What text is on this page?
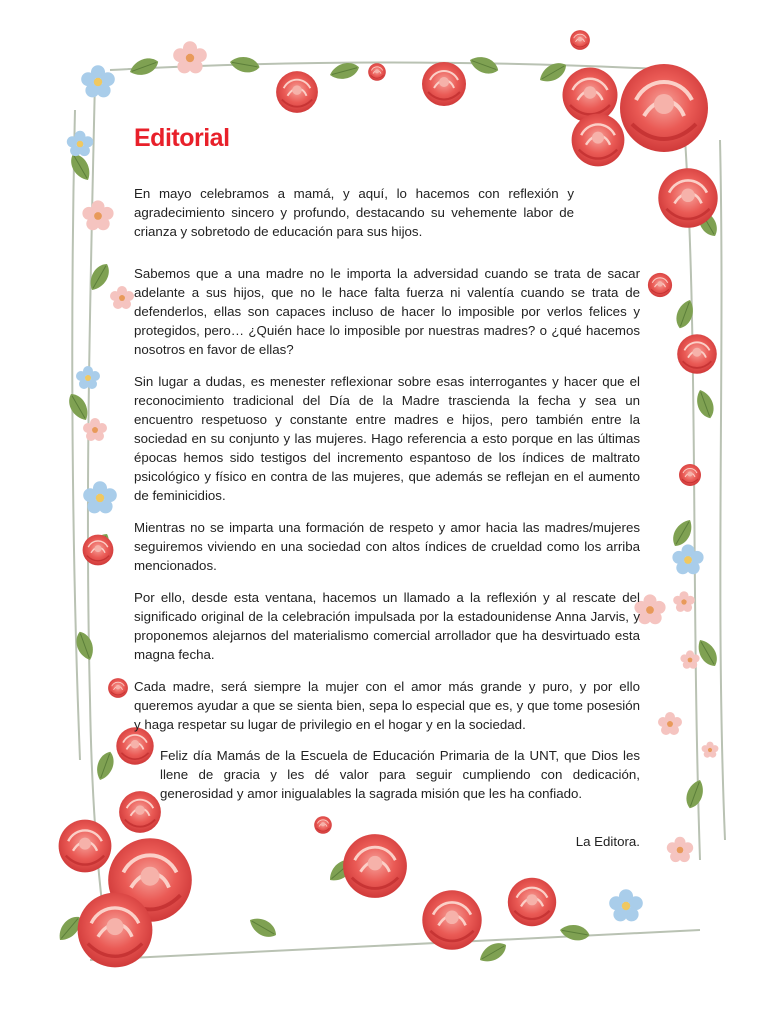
Editorial

En mayo celebramos a mamá, y aquí, lo hacemos con reflexión y agradecimiento sincero y profundo, destacando su vehemente labor de crianza y sobretodo de educación para sus hijos.

Sabemos que a una madre no le importa la adversidad cuando se trata de sacar adelante a sus hijos, que no le hace falta fuerza ni valentía cuando se trata de defenderlos, ellas son capaces incluso de hacer lo imposible por verlos felices y protegidos, pero… ¿Quién hace lo imposible por nuestras madres? o ¿qué hacemos nosotros en favor de ellas?

Sin lugar a dudas, es menester reflexionar sobre esas interrogantes y hacer que el reconocimiento tradicional del Día de la Madre trasciendа la fecha y sea un encuentro respetuoso y constante entre madres e hijos, pero también entre la sociedad en su conjunto y las mujeres. Hago referencia a esto porque en las últimas épocas hemos sido testigos del incremento espantoso de los índices de maltrato psicológico y físico en contra de las mujeres, que además se reflejan en el aumento de feminicidios.

Mientras no se imparta una formación de respeto y amor hacia las madres/mujeres seguiremos viviendo en una sociedad con altos índices de crueldad como los arriba mencionados.

Por ello, desde esta ventana, hacemos un llamado a la reflexión y al rescate del significado original de la celebración impulsada por la estadounidense Anna Jarvis, y proponemos alejarnos del materialismo comercial arrollador que ha desvirtuado esta magna fecha.

Cada madre, será siempre la mujer con el amor más grande y puro, y por ello queremos ayudar a que se sienta bien, sepa lo especial que es, y que tome posesión y haga respetar su lugar de privilegio en el hogar y en la sociedad.

Feliz día Mamás de la Escuela de Educación Primaria de la UNT, que Dios les llene de gracia y les dé valor para seguir cumpliendo con dedicación, generosidad y amor inigualables la sagrada misión que les ha confiado.

La Editora.
